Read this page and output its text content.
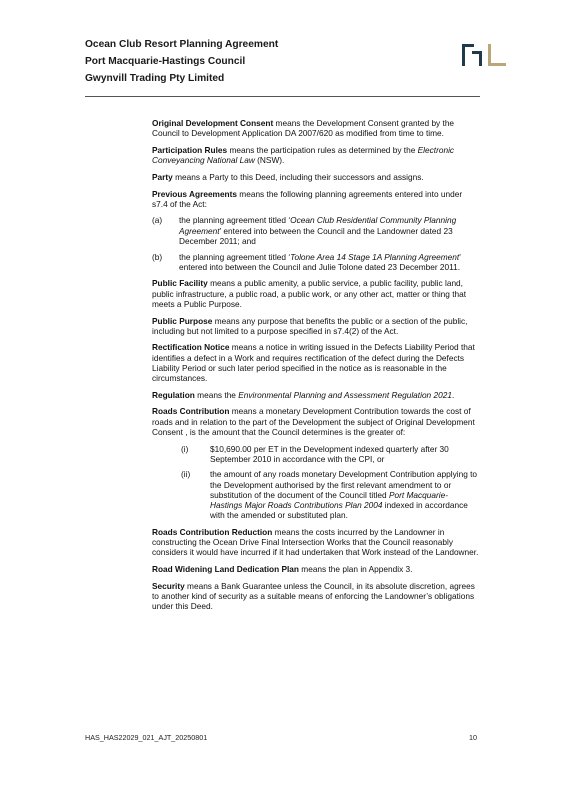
Ocean Club Resort Planning Agreement
Port Macquarie-Hastings Council
Gwynvill Trading Pty Limited

Original Development Consent means the Development Consent granted by the Council to Development Application DA 2007/620 as modified from time to time.

Participation Rules means the participation rules as determined by the Electronic Conveyancing National Law (NSW).

Party means a Party to this Deed, including their successors and assigns.

Previous Agreements means the following planning agreements entered into under s7.4 of the Act:

(a) the planning agreement titled ‘Ocean Club Residential Community Planning Agreement’ entered into between the Council and the Landowner dated 23 December 2011; and
(b) the planning agreement titled ‘Tolone Area 14 Stage 1A Planning Agreement’ entered into between the Council and Julie Tolone dated 23 December 2011.

Public Facility means a public amenity, a public service, a public facility, public land, public infrastructure, a public road, a public work, or any other act, matter or thing that meets a Public Purpose.

Public Purpose means any purpose that benefits the public or a section of the public, including but not limited to a purpose specified in s7.4(2) of the Act.

Rectification Notice means a notice in writing issued in the Defects Liability Period that identifies a defect in a Work and requires rectification of the defect during the Defects Liability Period or such later period specified in the notice as is reasonable in the circumstances.

Regulation means the Environmental Planning and Assessment Regulation 2021.

Roads Contribution means a monetary Development Contribution towards the cost of roads and in relation to the part of the Development the subject of Original Development Consent , is the amount that the Council determines is the greater of:

(i)	$10,690.00 per ET in the Development indexed quarterly after 30 September 2010 in accordance with the CPI, or
(ii) the amount of any roads monetary Development Contribution applying to the Development authorised by the first relevant amendment to or substitution of the document of the Council titled Port Macquarie-Hastings Major Roads Contributions Plan 2004 indexed in accordance with the amended or substituted plan.

Roads Contribution Reduction means the costs incurred by the Landowner in constructing the Ocean Drive Final Intersection Works that the Council reasonably considers it would have incurred if it had undertaken that Work instead of the Landowner.

Road Widening Land Dedication Plan means the plan in Appendix 3.

Security means a Bank Guarantee unless the Council, in its absolute discretion, agrees to another kind of security as a suitable means of enforcing the Landowner’s obligations under this Deed.

HAS_HAS22029_021_AJT_20250801	10
